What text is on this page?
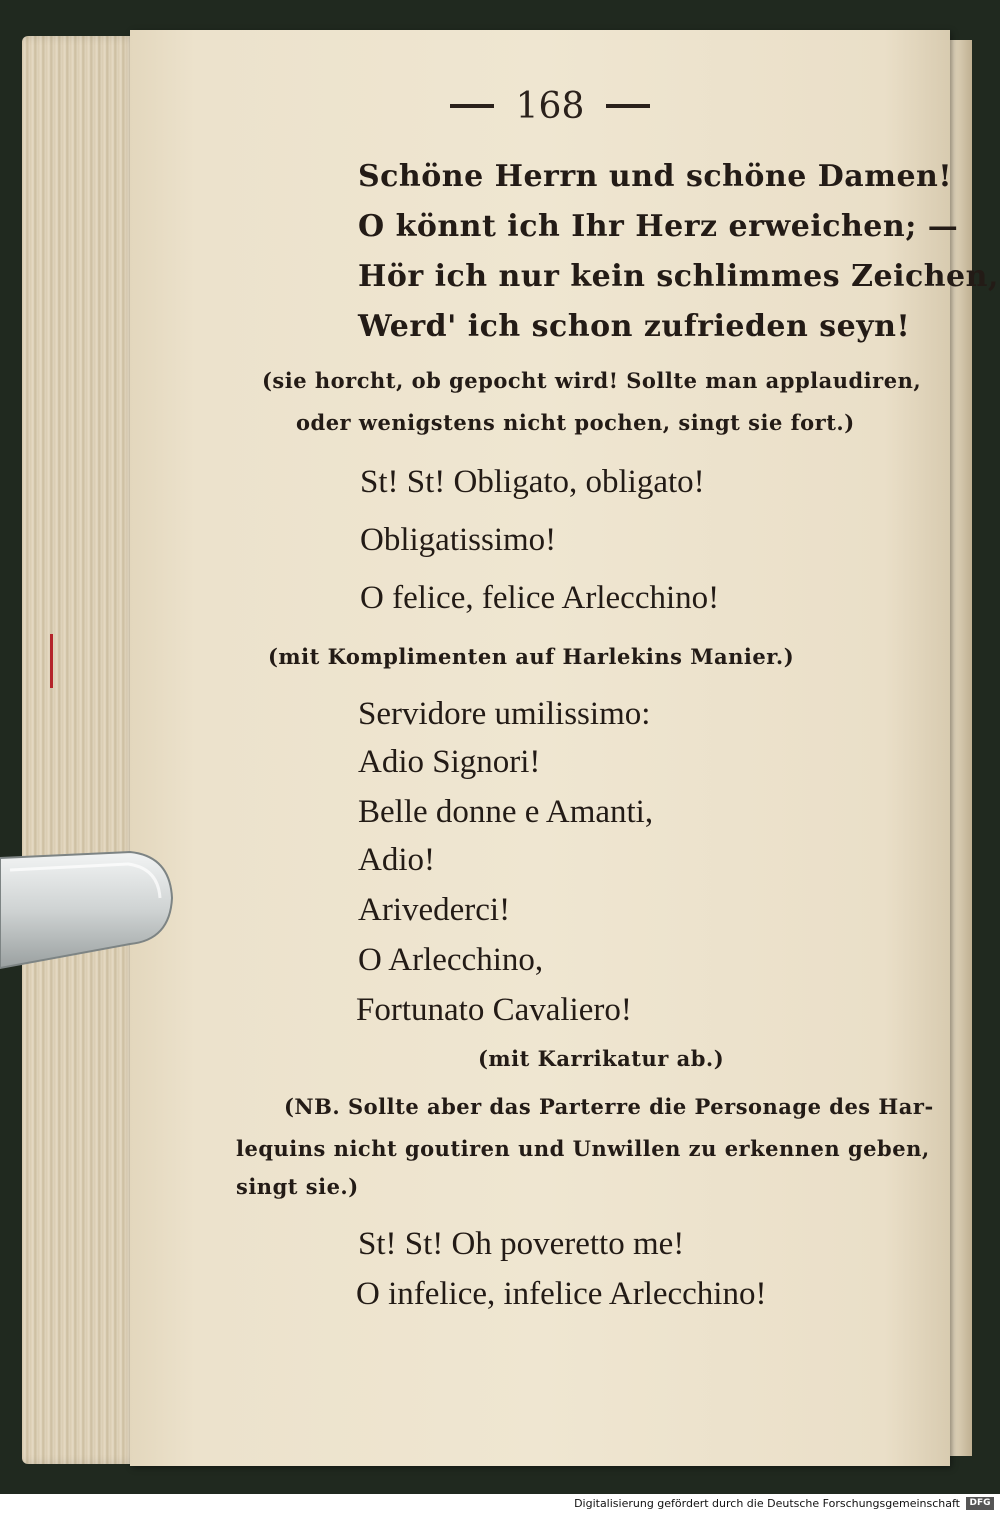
168
Schöne Herrn und schöne Damen!
O könnt ich Ihr Herz erweichen; —
Hör ich nur kein schlimmes Zeichen,
Werd' ich schon zufrieden seyn!
(sie horcht, ob gepocht wird! Sollte man applaudiren,
oder wenigstens nicht pochen, singt sie fort.)
St! St! Obligato, obligato!
Obligatissimo!
O felice, felice Arlecchino!
(mit Komplimenten auf Harlekins Manier.)
Servidore umilissimo:
Adio Signori!
Belle donne e Amanti,
Adio!
Arivederci!
O Arlecchino,
Fortunato Cavaliero!
(mit Karrikatur ab.)
(NB. Sollte aber das Parterre die Personage des Har-
lequins nicht goutiren und Unwillen zu erkennen geben,
singt sie.)
St! St! Oh poveretto me!
O infelice, infelice Arlecchino!
Digitalisierung gefördert durch die Deutsche Forschungsgemeinschaft	DFG
